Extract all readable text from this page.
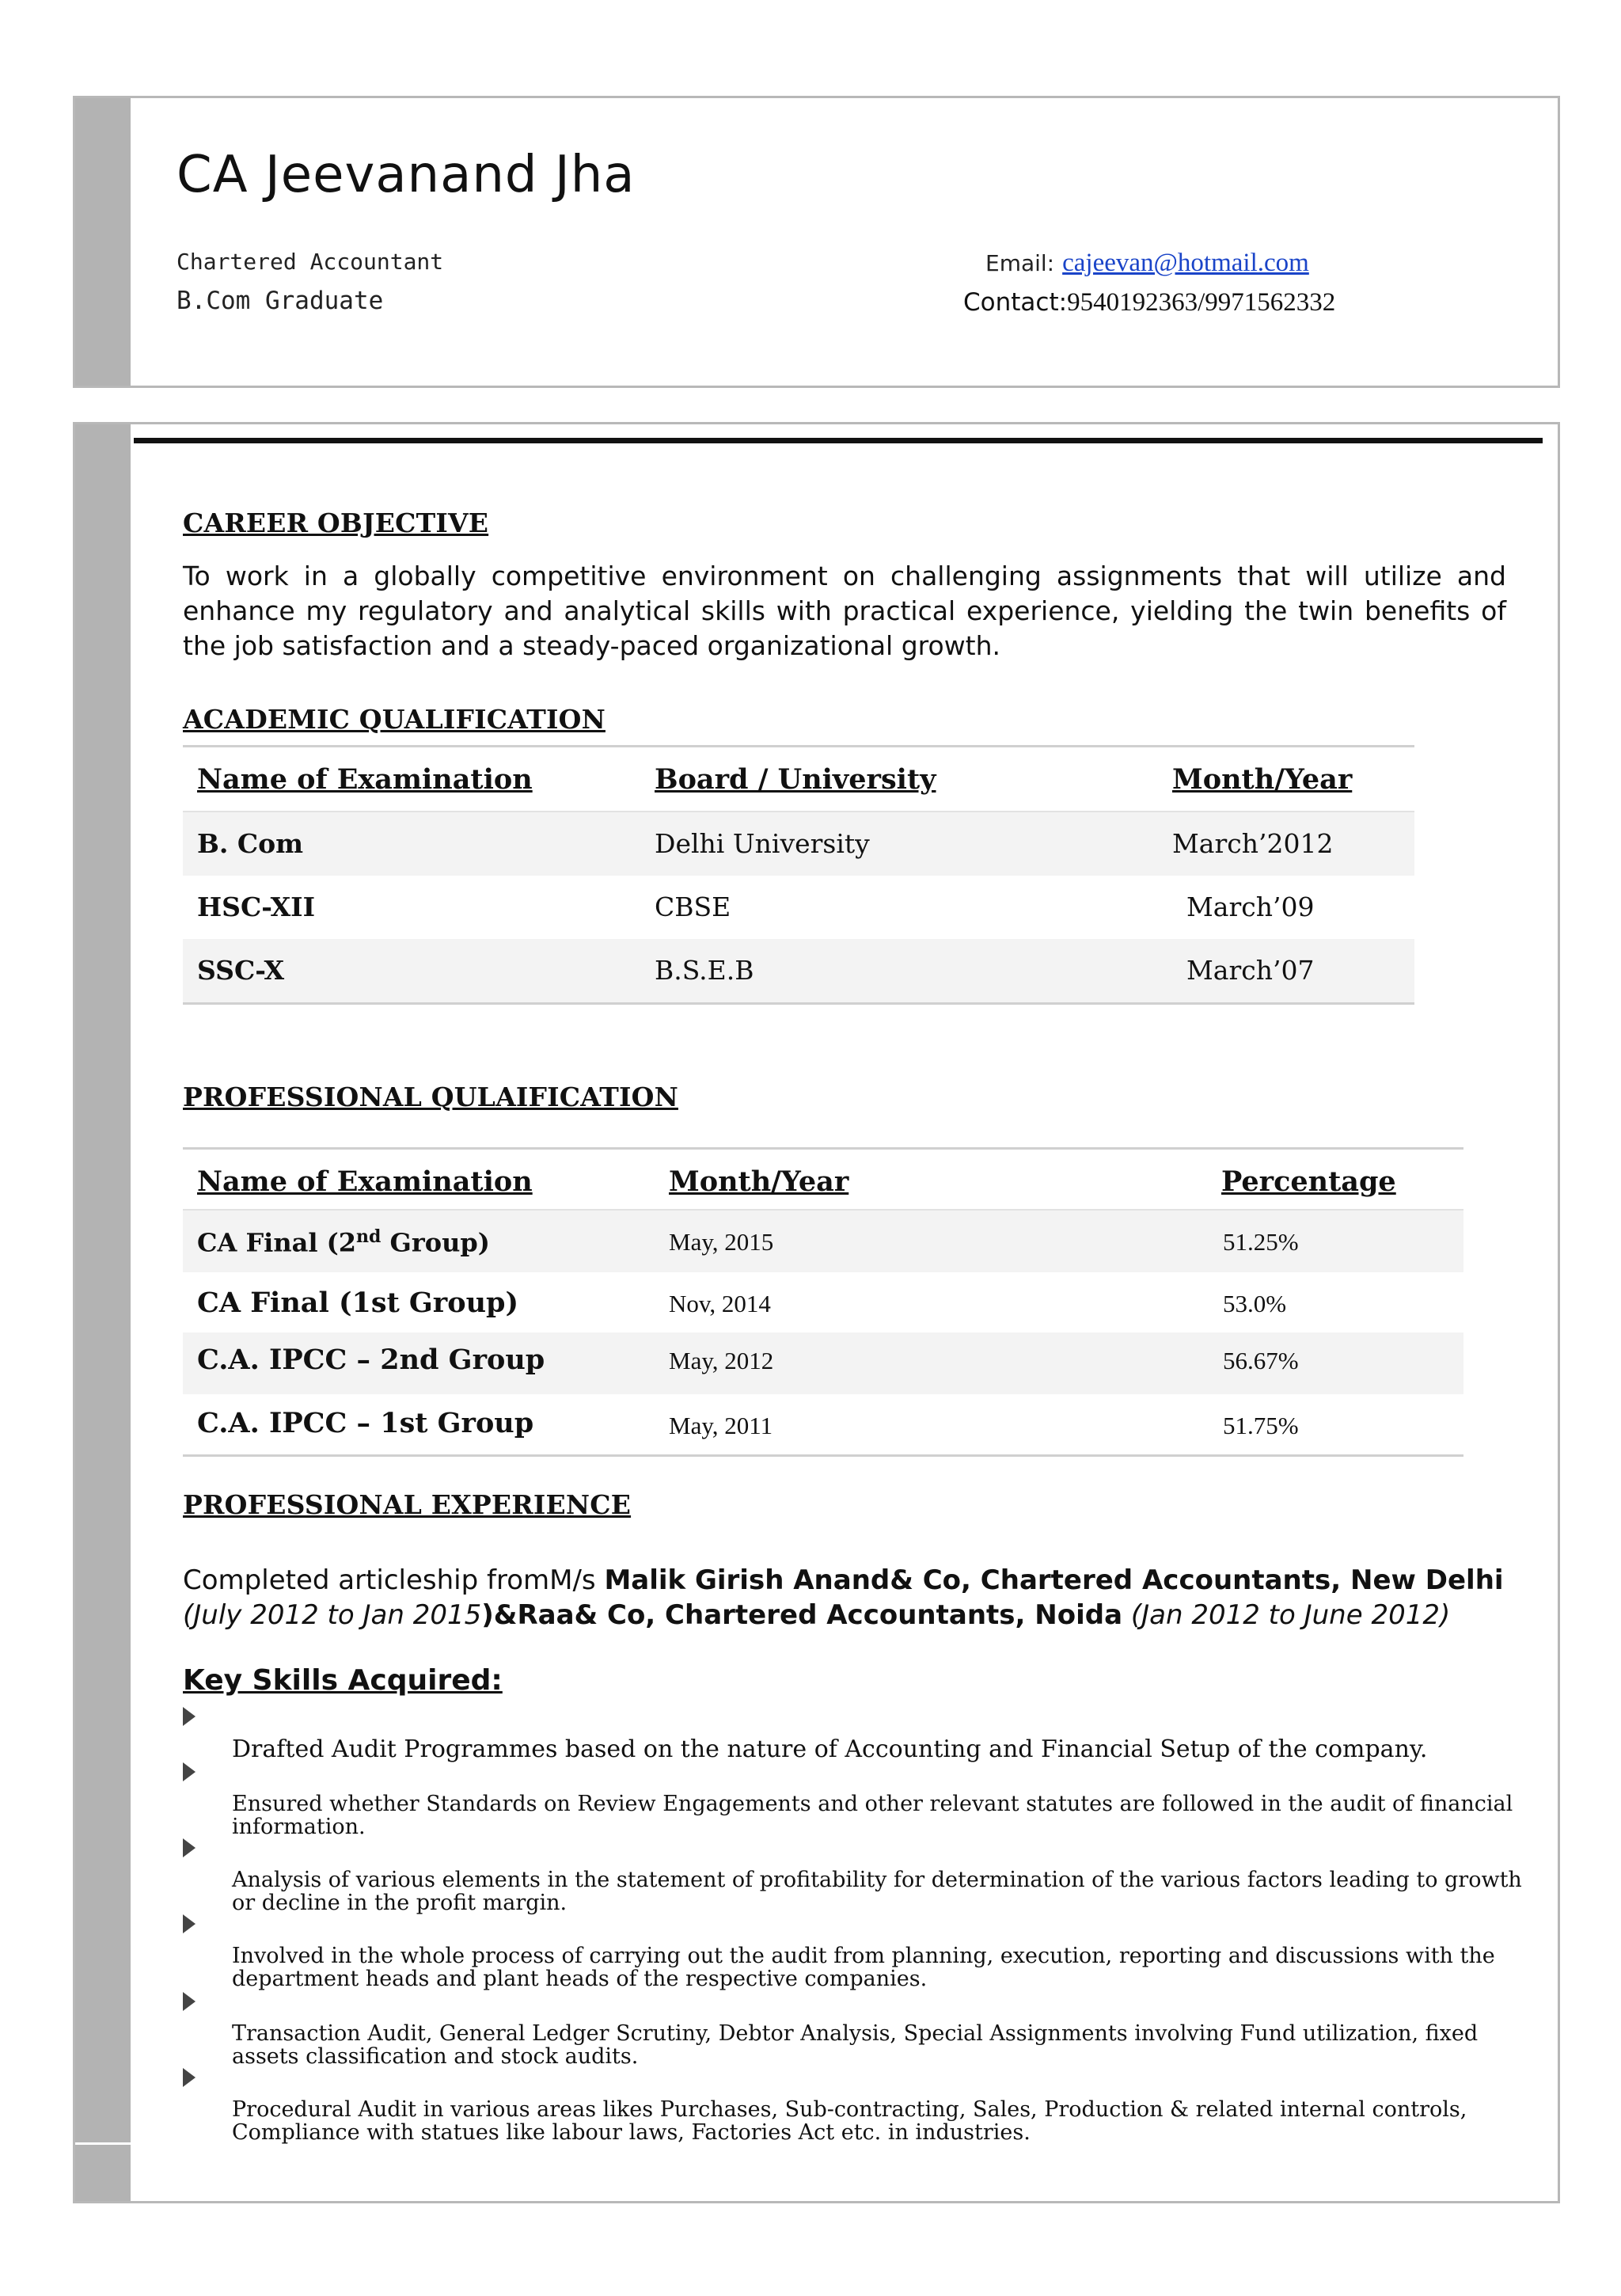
CA Jeevanand Jha
Chartered Accountant
B.Com Graduate
Email: cajeevan@hotmail.com
Contact:9540192363/9971562332
CAREER OBJECTIVE
To work in a globally competitive environment on challenging assignments that will utilize and enhance my regulatory and analytical skills with practical experience, yielding the twin benefits of the job satisfaction and a steady-paced organizational growth.
ACADEMIC QUALIFICATION
Name of Examination	Board / University	Month/Year
B. Com	Delhi University	March’2012
HSC-XII	CBSE	March’09
SSC-X	B.S.E.B	March’07
PROFESSIONAL QULAIFICATION
Name of Examination	Month/Year	Percentage
CA Final (2nd Group)	May, 2015	51.25%
CA Final (1st Group)	Nov, 2014	53.0%
C.A. IPCC – 2nd Group	May, 2012	56.67%
C.A. IPCC – 1st Group	May, 2011	51.75%
PROFESSIONAL EXPERIENCE
Completed articleship fromM/s Malik Girish Anand& Co, Chartered Accountants, New Delhi (July 2012 to Jan 2015)&Raa& Co, Chartered Accountants, Noida (Jan 2012 to June 2012)
Key Skills Acquired:
Drafted Audit Programmes based on the nature of Accounting and Financial Setup of the company.
Ensured whether Standards on Review Engagements and other relevant statutes are followed in the audit of financial information.
Analysis of various elements in the statement of profitability for determination of the various factors leading to growth or decline in the profit margin.
Involved in the whole process of carrying out the audit from planning, execution, reporting and discussions with the department heads and plant heads of the respective companies.
Transaction Audit, General Ledger Scrutiny, Debtor Analysis, Special Assignments involving Fund utilization, fixed assets classification and stock audits.
Procedural Audit in various areas likes Purchases, Sub-contracting, Sales, Production & related internal controls, Compliance with statues like labour laws, Factories Act etc. in industries.
